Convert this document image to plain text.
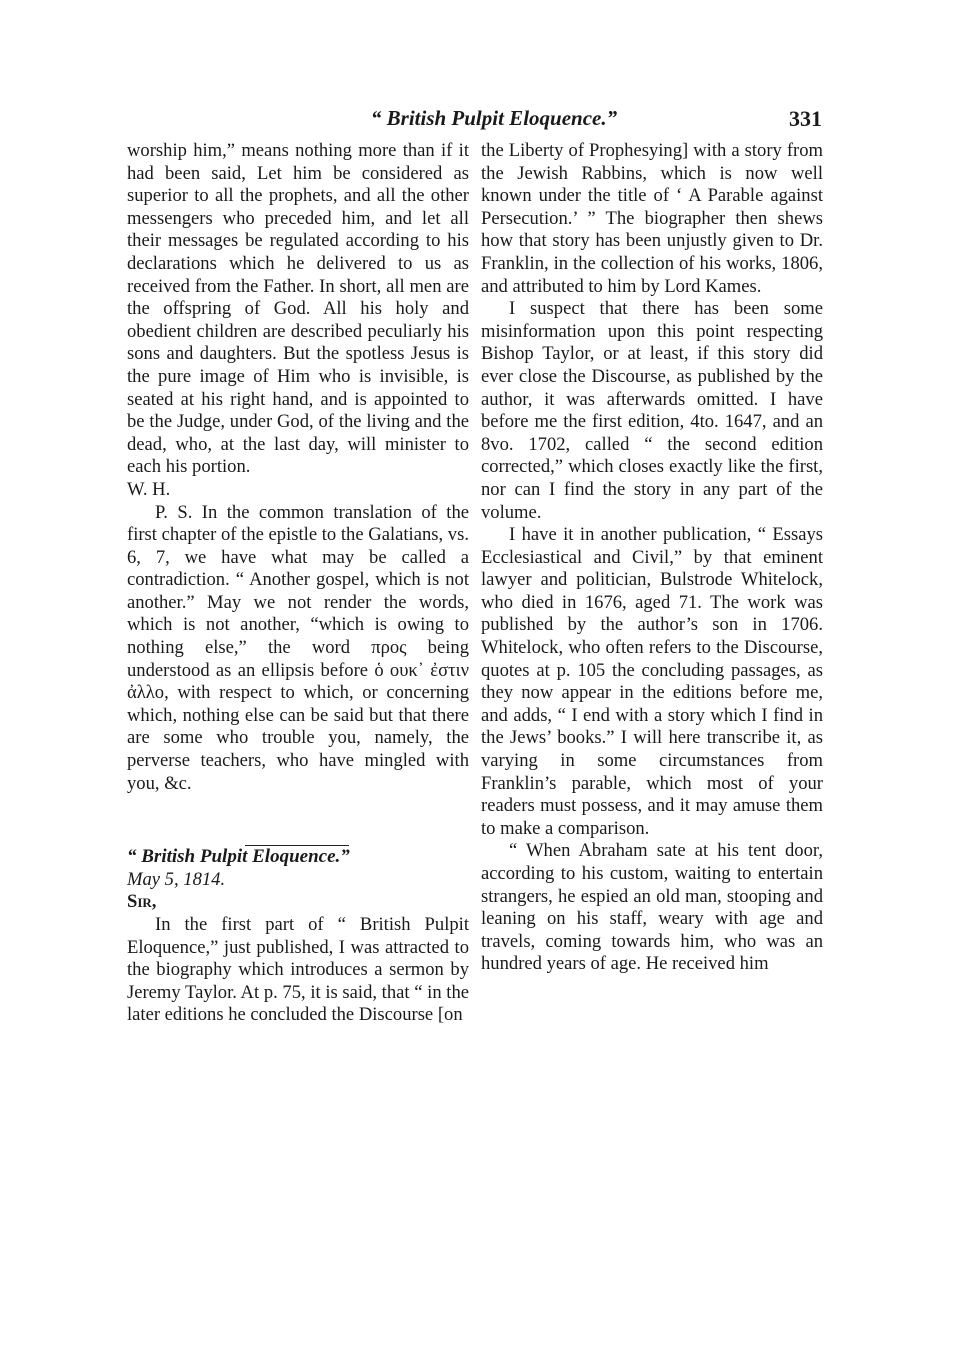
“ British Pulpit Eloquence.”	331

worship him,” means nothing more than if it had been said, Let him be considered as superior to all the prophets, and all the other messengers who preceded him, and let all their messages be regulated according to his declarations which he delivered to us as received from the Father. In short, all men are the offspring of God. All his holy and obedient children are described peculiarly his sons and daughters. But the spotless Jesus is the pure image of Him who is invisible, is seated at his right hand, and is appointed to be the Judge, under God, of the living and the dead, who, at the last day, will minister to each his portion.

W. H.

P. S. In the common translation of the first chapter of the epistle to the Galatians, vs. 6, 7, we have what may be called a contradiction. “ Another gospel, which is not another.” May we not render the words, which is not another, “which is owing to nothing else,” the word προς being understood as an ellipsis before ὁ ουκ᾽ ἐστιν ἀλλο, with respect to which, or concerning which, nothing else can be said but that there are some who trouble you, namely, the perverse teachers, who have mingled with you, &c.

“ British Pulpit Eloquence.”

May 5, 1814.

Sir,

In the first part of “ British Pulpit Eloquence,” just published, I was attracted to the biography which introduces a sermon by Jeremy Taylor. At p. 75, it is said, that “ in the later editions he concluded the Discourse [on

the Liberty of Prophesying] with a story from the Jewish Rabbins, which is now well known under the title of ‘ A Parable against Persecution.’ ” The biographer then shews how that story has been unjustly given to Dr. Franklin, in the collection of his works, 1806, and attributed to him by Lord Kames.

I suspect that there has been some misinformation upon this point respecting Bishop Taylor, or at least, if this story did ever close the Discourse, as published by the author, it was afterwards omitted. I have before me the first edition, 4to. 1647, and an 8vo. 1702, called “ the second edition corrected,” which closes exactly like the first, nor can I find the story in any part of the volume.

I have it in another publication, “ Essays Ecclesiastical and Civil,” by that eminent lawyer and politician, Bulstrode Whitelock, who died in 1676, aged 71. The work was published by the author’s son in 1706. Whitelock, who often refers to the Discourse, quotes at p. 105 the concluding passages, as they now appear in the editions before me, and adds, “ I end with a story which I find in the Jews’ books.” I will here transcribe it, as varying in some circumstances from Franklin’s parable, which most of your readers must possess, and it may amuse them to make a comparison.

“ When Abraham sate at his tent door, according to his custom, waiting to entertain strangers, he espied an old man, stooping and leaning on his staff, weary with age and travels, coming towards him, who was an hundred years of age. He received him
